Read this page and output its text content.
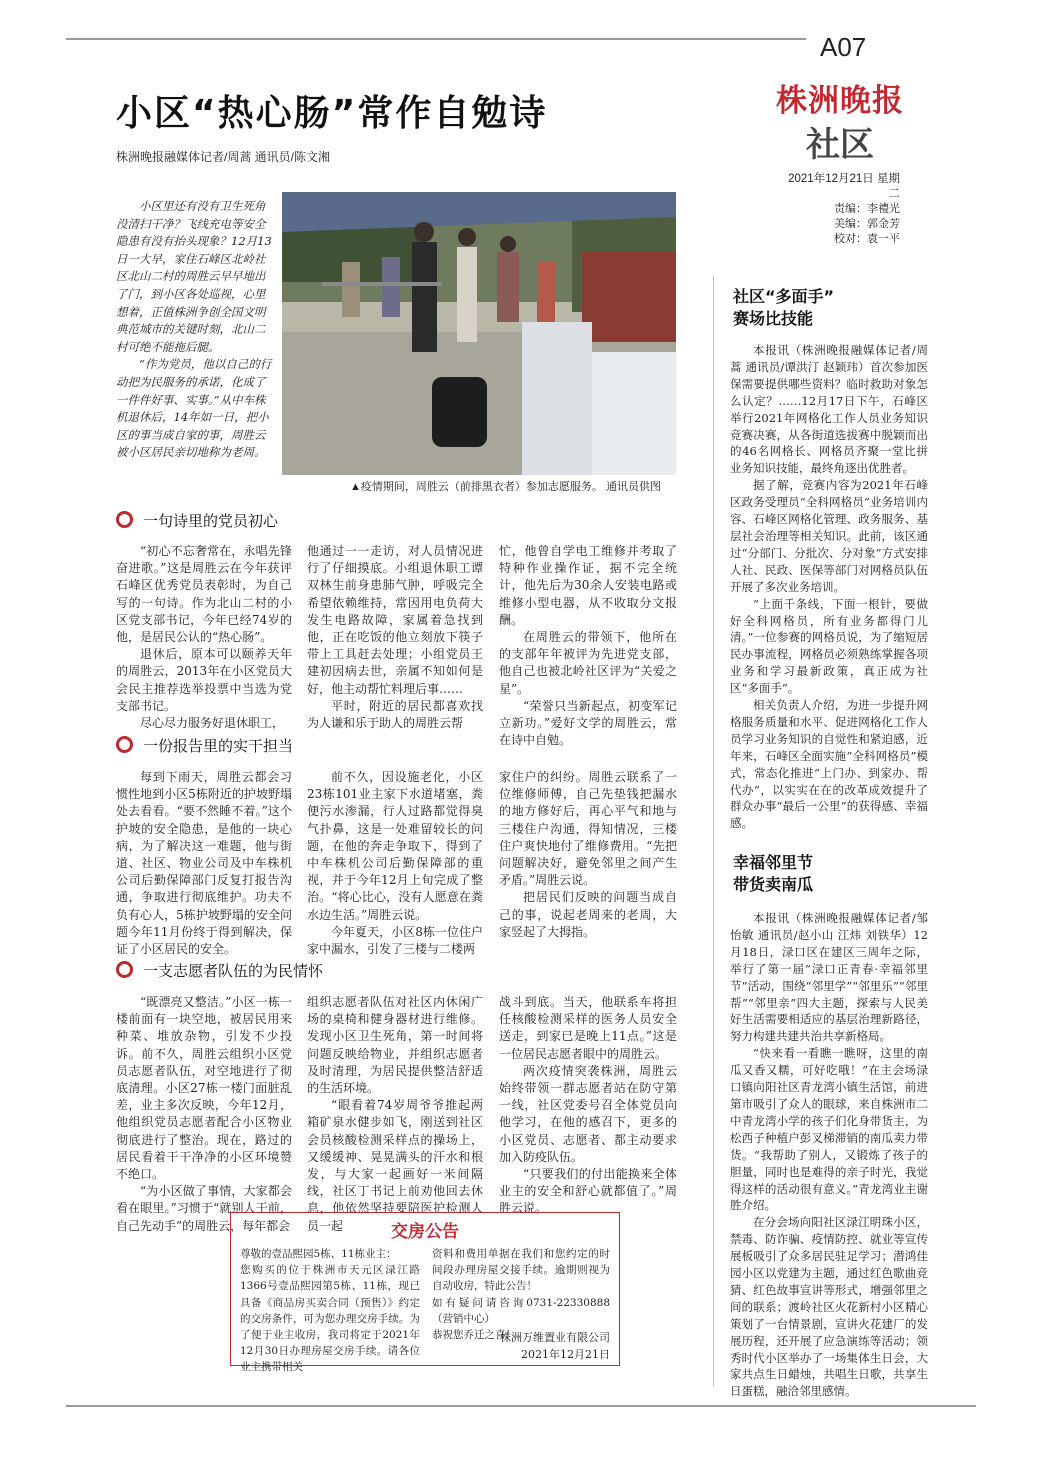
A07
株洲晚报
社区
2021年12月21日 星期二
责编：李禮光
美编：郭金芳
校对：袁一平
小区“热心肠”常作自勉诗
株洲晚报融媒体记者/周蒿 通讯员/陈文湘

小区里还有没有卫生死角没清扫干净？飞线充电等安全隐患有没有抬头现象？12月13日一大早，家住石峰区北岭社区北山二村的周胜云早早地出了门，到小区各处巡视，心里想着，正值株洲争创全国文明典范城市的关键时刻，北山二村可绝不能拖后腿。

“作为党员，他以自己的行动把为民服务的承诺，化成了一件件好事、实事。”从中车株机退休后，14年如一日，把小区的事当成自家的事，周胜云被小区居民亲切地称为老周。

▲疫情期间，周胜云（前排黑衣者）参加志愿服务。 通讯员供图
一句诗里的党员初心

“初心不忘奢常在，永唱先锋奋进歌。”这是周胜云在今年获评石峰区优秀党员表彰时，为自己写的一句诗。作为北山二村的小区党支部书记，今年已经74岁的他，是居民公认的“热心肠”。

退休后，原本可以颐养天年的周胜云，2013年在小区党员大会民主推荐选举投票中当选为党支部书记。

尽心尽力服务好退休职工，

他通过一一走访，对人员情况进行了仔细摸底。小组退休职工谭双林生前身患肺气肿，呼吸完全希望依赖维持，常因用电负荷大发生电路故障，家属着急找到他，正在吃饭的他立刻放下筷子带上工具赶去处理；小组党员王建初因病去世，亲属不知如何是好，他主动帮忙料理后事……

平时，附近的居民都喜欢找为人谦和乐于助人的周胜云帮

忙，他曾自学电工维修并考取了特种作业操作证，据不完全统计，他先后为30余人安装电路或维修小型电器，从不收取分文报酬。

在周胜云的带领下，他所在的支部年年被评为先进党支部，他自己也被北岭社区评为“关爱之星”。

“荣誉只当新起点，初变军记立新功。”爱好文学的周胜云，常在诗中自勉。

一份报告里的实干担当

每到下雨天，周胜云都会习惯性地到小区5栋附近的护坡野塌处去看看。“要不然睡不着。”这个护坡的安全隐患，是他的一块心病，为了解决这一难题，他与街道、社区、物业公司及中车株机公司后勤保障部门反复打报告沟通，争取进行彻底维护。功夫不负有心人，5栋护坡野塌的安全问题今年11月份终于得到解决，保证了小区居民的安全。

前不久，因设施老化，小区23栋101业主家下水道堵塞，粪便污水渗漏，行人过路都觉得臭气扑鼻，这是一处难留较长的问题，在他的奔走争取下，得到了中车株机公司后勤保障部的重视，并于今年12月上旬完成了整治。“将心比心，没有人愿意在粪水边生活。”周胜云说。

今年夏天，小区8栋一位住户家中漏水，引发了三楼与二楼两

家住户的纠纷。周胜云联系了一位维修师傅，自己先垫钱把漏水的地方修好后，再心平气和地与三楼住户沟通，得知情况，三楼住户爽快地付了维修费用。“先把问题解决好，避免邻里之间产生矛盾。”周胜云说。

把居民们反映的问题当成自己的事，说起老周来的老周，大家竖起了大拇指。

一支志愿者队伍的为民情怀

“既漂亮又整洁。”小区一栋一楼前面有一块空地，被居民用来种菜、堆放杂物，引发不少投诉。前不久，周胜云组织小区党员志愿者队伍，对空地进行了彻底清理。小区27栋一楼门面脏乱差，业主多次反映，今年12月，他组织党员志愿者配合小区物业彻底进行了整治。现在，路过的居民看着干干净净的小区环境赞不绝口。

“为小区做了事情，大家都会看在眼里。”习惯于“就别人干前，自己先动手”的周胜云，每年都会

组织志愿者队伍对社区内休闲广场的桌椅和健身器材进行维修。发现小区卫生死角，第一时间将问题反映给物业，并组织志愿者及时清理，为居民提供整洁舒适的生活环境。

“眼看着74岁周爷爷推起两箱矿泉水健步如飞，刚送到社区会员核酸检测采样点的操场上，又缓缓神、晃晃满头的汗水和根发，与大家一起画好一米间隔线，社区丁书记上前劝他回去休息，他依然坚持要陪医护检测人员一起

战斗到底。当天，他联系车将担任核酸检测采样的医务人员安全送走，到家已是晚上11点。”这是一位居民志愿者眼中的周胜云。

两次疫情突袭株洲，周胜云始终带领一群志愿者站在防守第一线，社区党委号召全体党员向他学习，在他的感召下，更多的小区党员、志愿者、都主动要求加入防疫队伍。

“只要我们的付出能换来全体业主的安全和舒心就都值了。”周胜云说。

交房公告
尊敬的壹品熙园5栋、11栋业主：
您购买的位于株洲市天元区渌江路1366号壹品熙园第5栋、11栋，现已具备《商品房买卖合同（预售）》约定的交房条件，可为您办理交房手续。为了便于业主收房，我司将定于2021年12月30日办理房屋交房手续。请各位业主携带相关
资料和费用单据在我们和您约定的时间段办理房屋交接手续。逾期则视为自动收房，特此公告！
如有疑问请咨询0731-22330888（营销中心）
恭祝您乔迁之喜！

株洲万维置业有限公司

2021年12月21日

社区“多面手”
赛场比技能

本报讯（株洲晚报融媒体记者/周蒿 通讯员/谭洪汀 赵颖玮）首次参加医保需要提供哪些资料？临时救助对象怎么认定？……12月17日下午，石峰区举行2021年网格化工作人员业务知识竞赛决赛，从各街道选拔赛中脱颖而出的46名网格长、网格员齐聚一堂比拼业务知识技能，最终角逐出优胜者。

据了解，竞赛内容为2021年石峰区政务受理员“全科网格员”业务培训内容、石峰区网格化管理、政务服务、基层社会治理等相关知识。此前，该区通过“分部门、分批次、分对象”方式安排人社、民政、医保等部门对网格员队伍开展了多次业务培训。

“上面千条线，下面一根针，要做好全科网格员，所有业务都得门儿清。”一位参赛的网格员说，为了缩短居民办事流程，网格员必须熟练掌握各项业务和学习最新政策，真正成为社区“多面手”。

相关负责人介绍，为进一步提升网格服务质量和水平、促进网格化工作人员学习业务知识的自觉性和紧迫感，近年来，石峰区全面实施“全科网格员”模式，常态化推进“上门办、到家办、帮代办”，以实实在在的改革成效提升了群众办事“最后一公里”的获得感、幸福感。

幸福邻里节
带货卖南瓜

本报讯（株洲晚报融媒体记者/邹怡敏 通讯员/赵小山 江炜 刘铁华）12月18日，渌口区在建区三周年之际，举行了第一届“渌口正青春·幸福邻里节”活动，围绕“邻里学”“邻里乐”“邻里帮”“邻里亲”四大主题，探索与人民美好生活需要相适应的基层治理新路径，努力构建共建共治共享新格局。

“快来看一看瞧一瞧呀，这里的南瓜又香又糯，可好吃哦！”在主会场渌口镇向阳社区青龙湾小镇生活馆，前进第市吸引了众人的眼球，来自株洲市二中青龙湾小学的孩子们化身带货主，为松西子种植户彭叉梯滞销的南瓜卖力带货。“我帮助了别人，又锻炼了孩子的胆量，同时也是难得的亲子时光，我觉得这样的活动很有意义。”青龙湾业主谢胜介绍。

在分会场向阳社区渌江明珠小区，禁毒、防诈骗、疫情防控、就业等宣传展板吸引了众多居民驻足学习；潜鸿佳园小区以党建为主题，通过红色歌曲竞猜、红色故事宣讲等形式，增强邻里之间的联系；渡岭社区火花新村小区精心策划了一台情景剧，宣讲火花建厂的发展历程，还开展了应急演练等活动；领秀时代小区举办了一场集体生日会，大家共点生日蜡烛，共唱生日歌，共享生日蛋糕，融洽邻里感情。
